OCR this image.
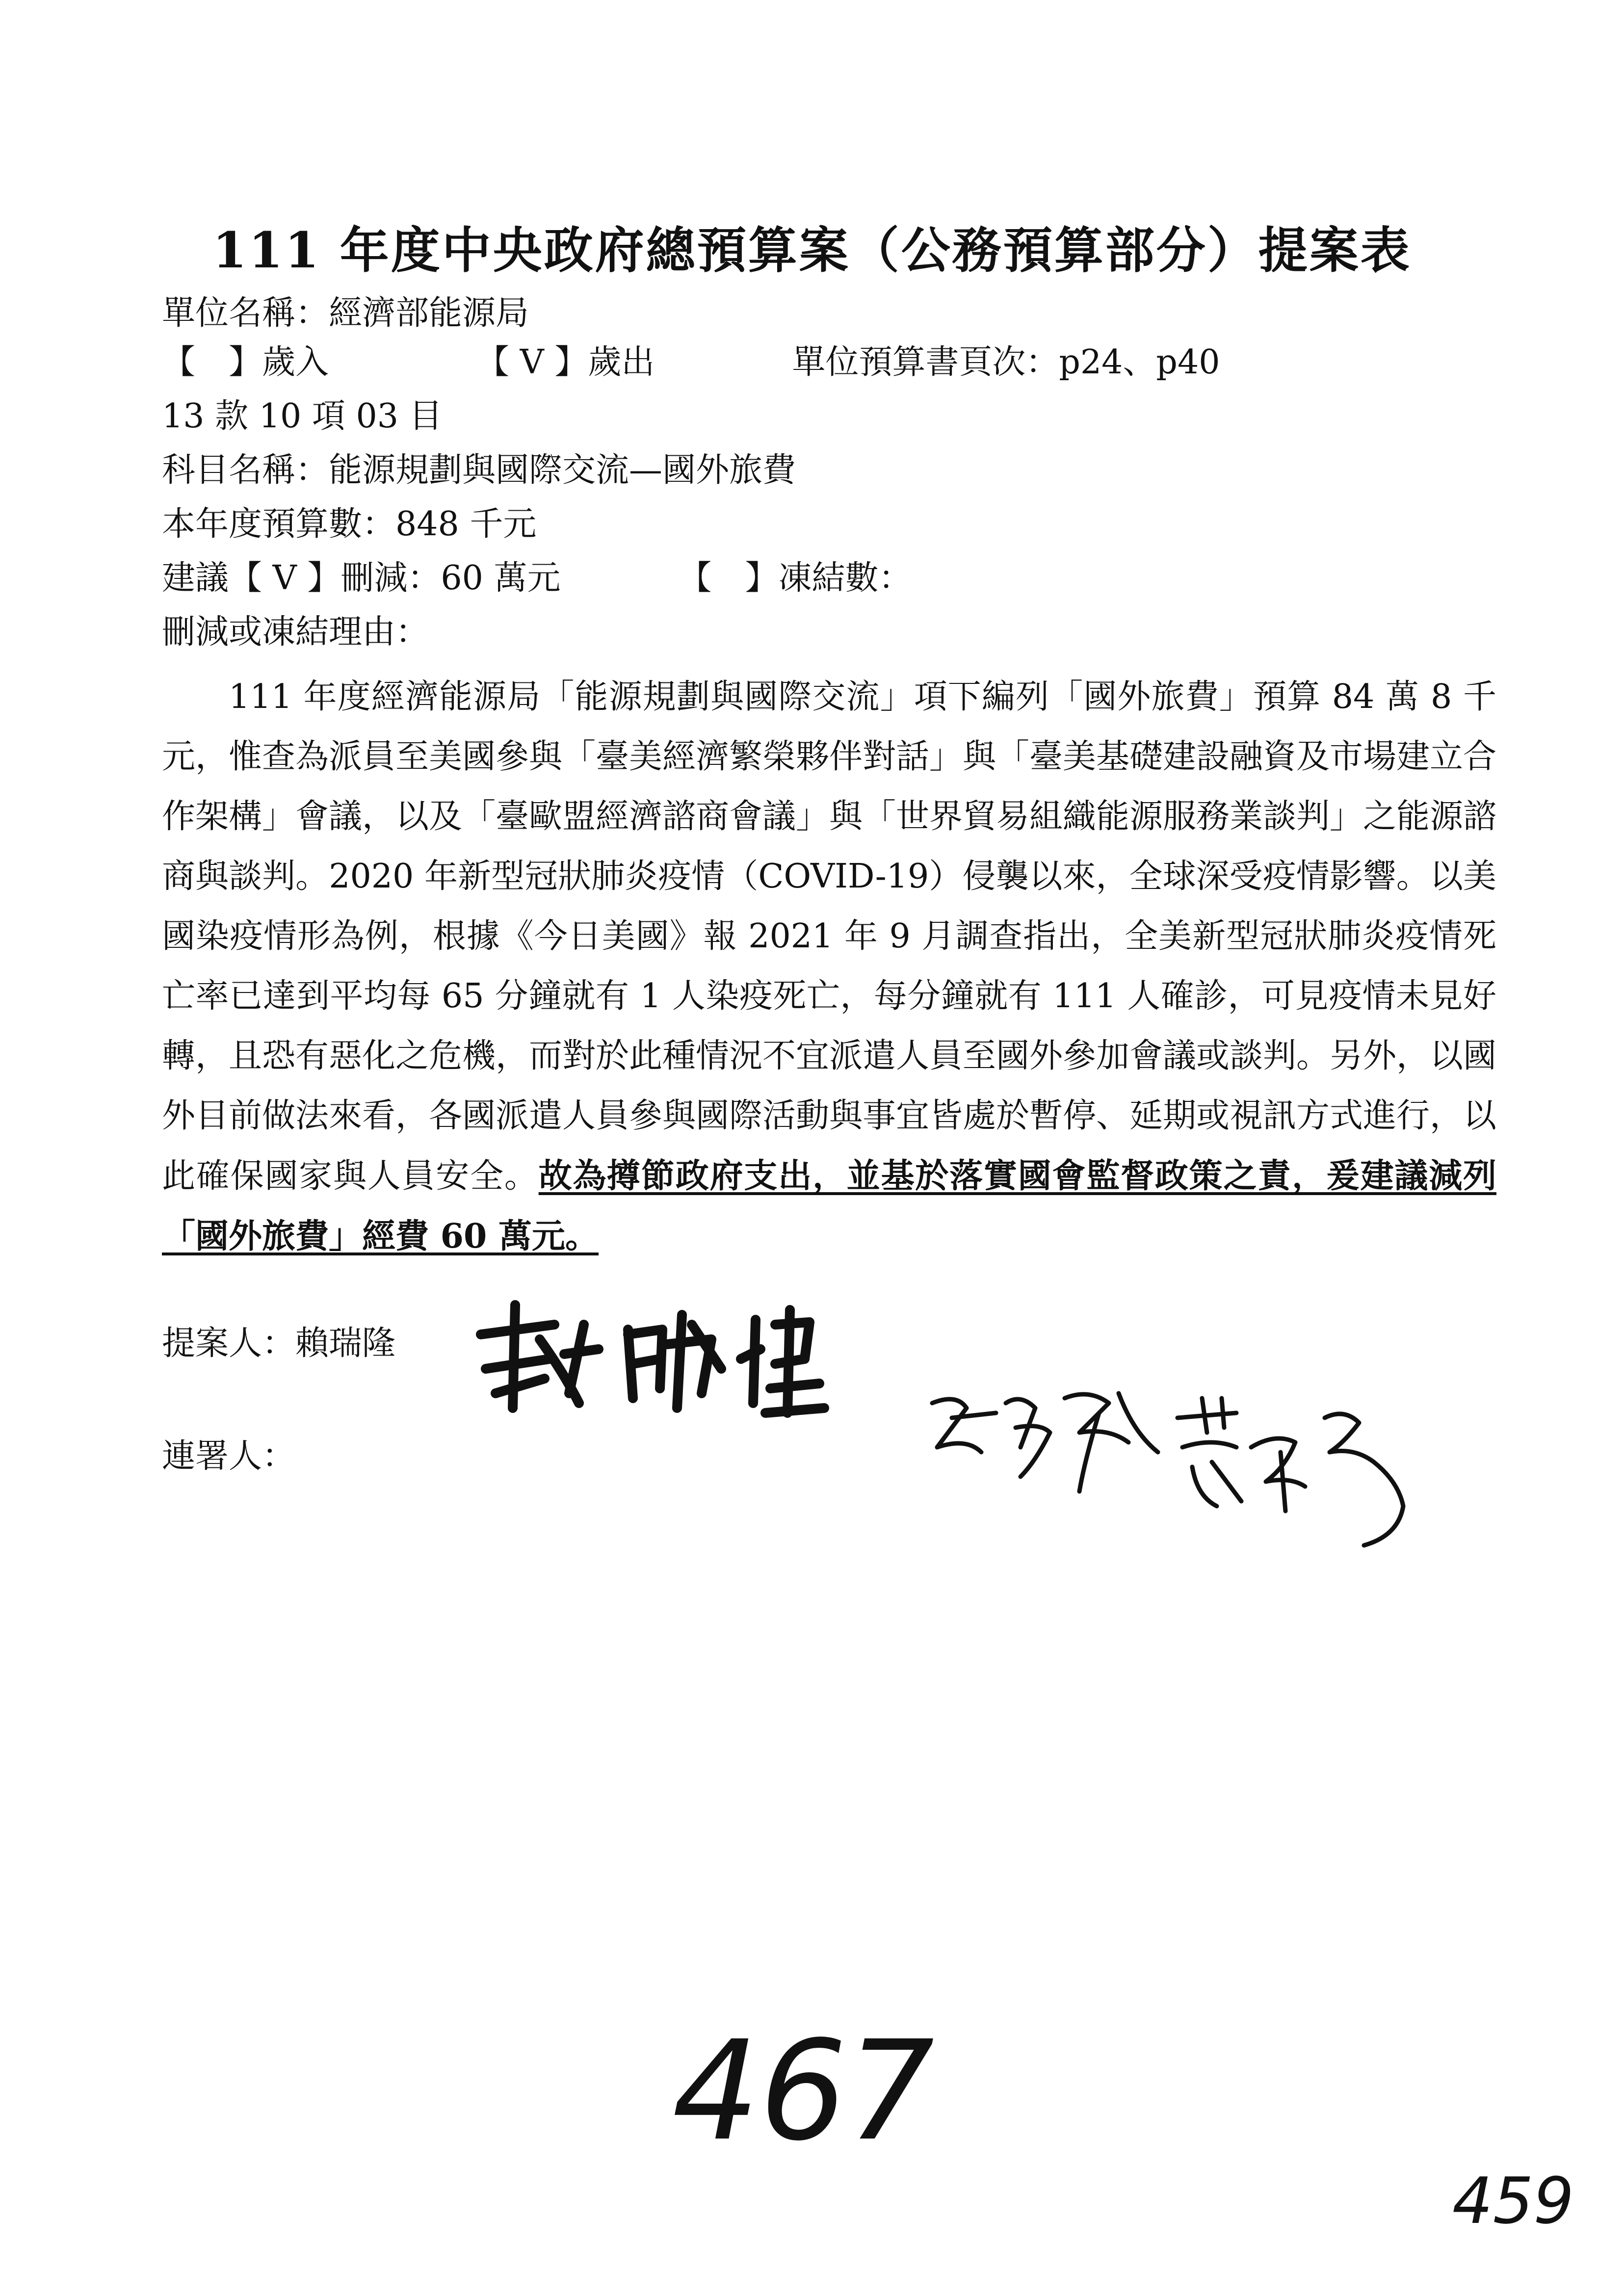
111 年度中央政府總預算案（公務預算部分）提案表
單位名稱：經濟部能源局
【　】歲入	【 V 】歲出	單位預算書頁次：p24、p40
13 款 10 項 03 目
科目名稱：能源規劃與國際交流—國外旅費
本年度預算數：848 千元
建議【 V 】刪減：60 萬元	【　】凍結數：
刪減或凍結理由：
111 年度經濟能源局「能源規劃與國際交流」項下編列「國外旅費」預算 84 萬 8 千元，惟查為派員至美國參與「臺美經濟繁榮夥伴對話」與「臺美基礎建設融資及市場建立合作架構」會議，以及「臺歐盟經濟諮商會議」與「世界貿易組織能源服務業談判」之能源諮商與談判。2020 年新型冠狀肺炎疫情（COVID-19）侵襲以來，全球深受疫情影響。以美國染疫情形為例，根據《今日美國》報 2021 年 9 月調查指出，全美新型冠狀肺炎疫情死亡率已達到平均每 65 分鐘就有 1 人染疫死亡，每分鐘就有 111 人確診，可見疫情未見好轉，且恐有惡化之危機，而對於此種情況不宜派遣人員至國外參加會議或談判。另外，以國外目前做法來看，各國派遣人員參與國際活動與事宜皆處於暫停、延期或視訊方式進行，以此確保國家與人員安全。故為撙節政府支出，並基於落實國會監督政策之責，爰建議減列「國外旅費」經費 60 萬元。
提案人：賴瑞隆
連署人：
467
459
